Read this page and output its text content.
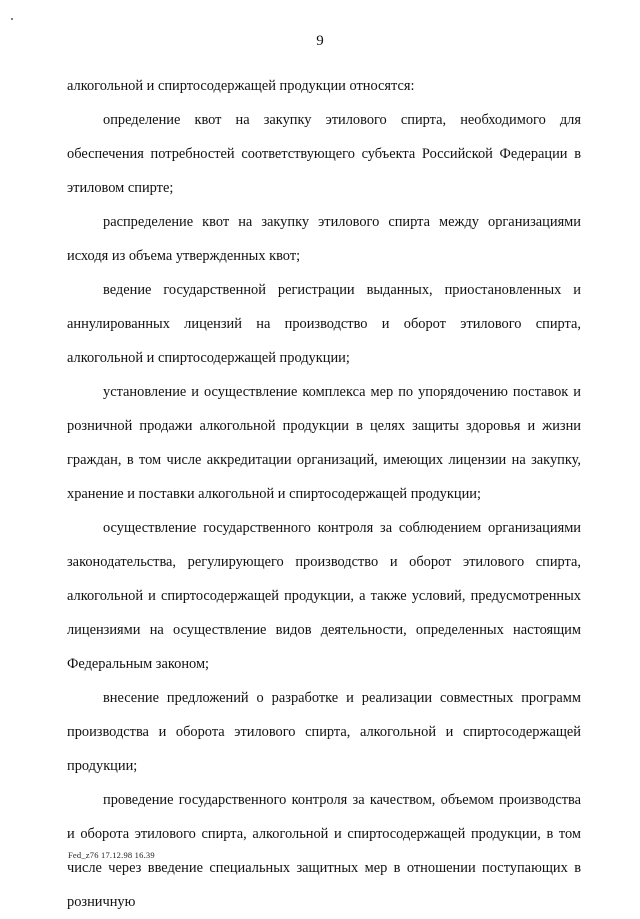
9

алкогольной и спиртосодержащей продукции относятся:

определение квот на закупку этилового спирта, необходимого для обеспечения потребностей соответствующего субъекта Российской Федерации в этиловом спирте;

распределение квот на закупку этилового спирта между организациями исходя из объема утвержденных квот;

ведение государственной регистрации выданных, приостановленных и аннулированных лицензий на производство и оборот этилового спирта, алкогольной и спиртосодержащей продукции;

установление и осуществление комплекса мер по упорядочению поставок и розничной продажи алкогольной продукции в целях защиты здоровья и жизни граждан, в том числе аккредитации организаций, имеющих лицензии на закупку, хранение и поставки алкогольной и спиртосодержащей продукции;

осуществление государственного контроля за соблюдением организациями законодательства, регулирующего производство и оборот этилового спирта, алкогольной и спиртосодержащей продукции, а также условий, предусмотренных лицензиями на осуществление видов деятельности, определенных настоящим Федеральным законом;

внесение предложений о разработке и реализации совместных программ производства и оборота этилового спирта, алкогольной и спиртосодержащей продукции;

проведение государственного контроля за качеством, объемом производства и оборота этилового спирта, алкогольной и спиртосодержащей продукции, в том числе через введение специальных защитных мер в отношении поступающих в розничную

Fed_z76 17.12.98 16.39
